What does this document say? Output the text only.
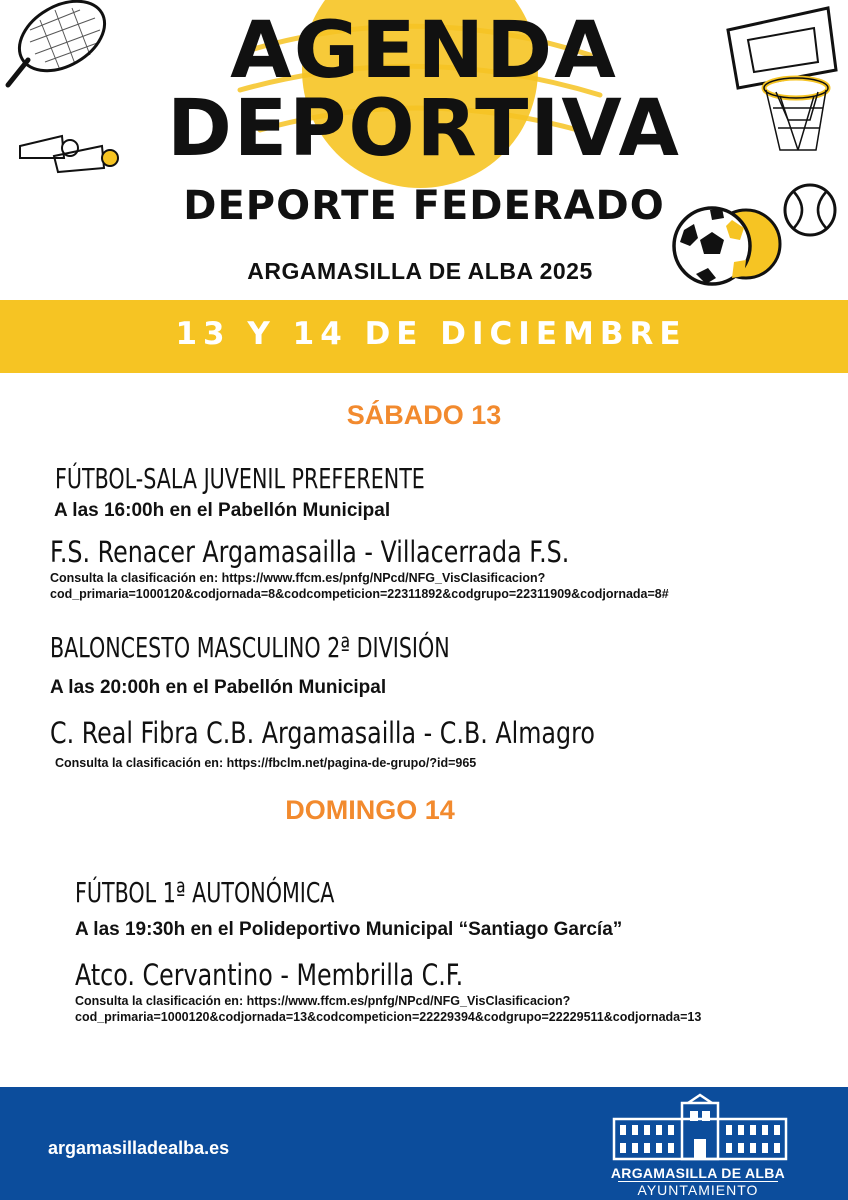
AGENDA
DEPORTIVA
DEPORTE FEDERADO
ARGAMASILLA DE ALBA 2025
13 Y 14 DE DICIEMBRE
SÁBADO 13
FÚTBOL-SALA JUVENIL PREFERENTE
A las 16:00h en el Pabellón Municipal
F.S. Renacer Argamasailla - Villacerrada F.S.
Consulta la clasificación en: https://www.ffcm.es/pnfg/NPcd/NFG_VisClasificacion?
cod_primaria=1000120&codjornada=8&codcompeticion=22311892&codgrupo=22311909&codjornada=8#
BALONCESTO MASCULINO 2ª DIVISIÓN
A las 20:00h en el Pabellón Municipal
C. Real Fibra C.B. Argamasailla - C.B. Almagro
Consulta la clasificación en: https://fbclm.net/pagina-de-grupo/?id=965
DOMINGO 14
FÚTBOL 1ª AUTONÓMICA
A las 19:30h en el Polideportivo Municipal “Santiago García”
Atco. Cervantino - Membrilla C.F.
Consulta la clasificación en: https://www.ffcm.es/pnfg/NPcd/NFG_VisClasificacion?
cod_primaria=1000120&codjornada=13&codcompeticion=22229394&codgrupo=22229511&codjornada=13
argamasilladealba.es
ARGAMASILLA DE ALBA
AYUNTAMIENTO
